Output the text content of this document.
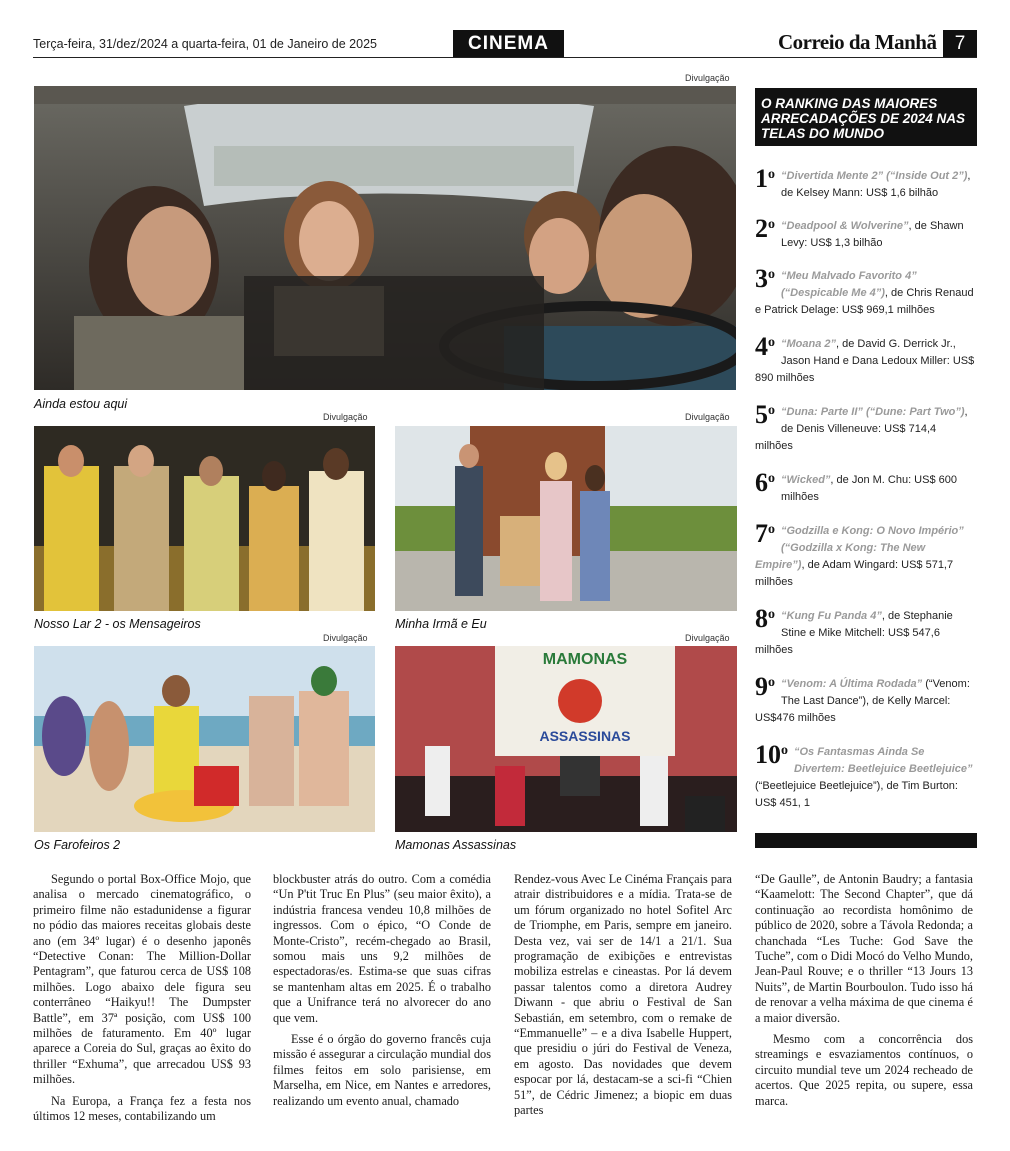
Terça-feira, 31/dez/2024 a quarta-feira, 01 de Janeiro de 2025	CINEMA	Correio da Manhã 7
Divulgação
Ainda estou aqui
Divulgação
Nosso Lar 2 - os Mensageiros
Divulgação
Minha Irmã e Eu
Divulgação
Os Farofeiros 2
Divulgação
MAMONAS
ASSASSINAS
Mamonas Assassinas
O RANKING DAS MAIORES ARRECADAÇÕES DE 2024 NAS TELAS DO MUNDO
1$^o$ “Divertida Mente 2” (“Inside Out 2”), de Kelsey Mann: US$ 1,6 bilhão
2$^o$ “Deadpool & Wolverine”, de Shawn Levy: US$ 1,3 bilhão
3$^o$ “Meu Malvado Favorito 4” (“Despicable Me 4”), de Chris Renaud e Patrick Delage: US$ 969,1 milhões
4$^o$ “Moana 2”, de David G. Derrick Jr., Jason Hand e Dana Ledoux Miller: US$ 890 milhões
5$^o$ “Duna: Parte II” (“Dune: Part Two”), de Denis Villeneuve: US$ 714,4 milhões
6$^o$ “Wicked”, de Jon M. Chu: US$ 600 milhões
7$^o$ “Godzilla e Kong: O Novo Império” (“Godzilla x Kong: The New Empire”), de Adam Wingard: US$ 571,7 milhões
8$^o$ “Kung Fu Panda 4”, de Stephanie Stine e Mike Mitchell: US$ 547,6 milhões
9$^o$ “Venom: A Última Rodada” (“Venom: The Last Dance”), de Kelly Marcel: US$476 milhões
10$^o$ “Os Fantasmas Ainda Se Divertem: Beetlejuice Beetlejuice” (“Beetlejuice Beetlejuice”), de Tim Burton: US$ 451, 1

Segundo o portal Box-Office Mojo, que analisa o mercado cinematográfico, o primeiro filme não estadunidense a figurar no pódio das maiores receitas globais deste ano (em 34º lugar) é o desenho japonês “Detective Conan: The Million-Dollar Pentagram”, que faturou cerca de US$ 108 milhões. Logo abaixo dele figura seu conterrâneo “Haikyu!! The Dumpster Battle”, em 37ª posição, com US$ 100 milhões de faturamento. Em 40º lugar aparece a Coreia do Sul, graças ao êxito do thriller “Exhuma”, que arrecadou US$ 93 milhões.

Na Europa, a França fez a festa nos últimos 12 meses, contabilizando um

blockbuster atrás do outro. Com a comédia “Un P'tit Truc En Plus” (seu maior êxito), a indústria francesa vendeu 10,8 milhões de ingressos. Com o épico, “O Conde de Monte-Cristo”, recém-chegado ao Brasil, somou mais uns 9,2 milhões de espectadoras/es. Estima-se que suas cifras se mantenham altas em 2025. É o trabalho que a Unifrance terá no alvorecer do ano que vem.

Esse é o órgão do governo francês cuja missão é assegurar a circulação mundial dos filmes feitos em solo parisiense, em Marselha, em Nice, em Nantes e arredores, realizando um evento anual, chamado

Rendez-vous Avec Le Cinéma Français para atrair distribuidores e a mídia. Trata-se de um fórum organizado no hotel Sofitel Arc de Triomphe, em Paris, sempre em janeiro. Desta vez, vai ser de 14/1 a 21/1. Sua programação de exibições e entrevistas mobiliza estrelas e cineastas. Por lá devem passar talentos como a diretora Audrey Diwann - que abriu o Festival de San Sebastián, em setembro, com o remake de “Emmanuelle” – e a diva Isabelle Huppert, que presidiu o júri do Festival de Veneza, em agosto. Das novidades que devem espocar por lá, destacam-se a sci-fi “Chien 51”, de Cédric Jimenez; a biopic em duas partes

“De Gaulle”, de Antonin Baudry; a fantasia “Kaamelott: The Second Chapter”, que dá continuação ao recordista homônimo de público de 2020, sobre a Távola Redonda; a chanchada “Les Tuche: God Save the Tuche”, com o Didi Mocó do Velho Mundo, Jean-Paul Rouve; e o thriller “13 Jours 13 Nuits”, de Martin Bourboulon. Tudo isso há de renovar a velha máxima de que cinema é a maior diversão.

Mesmo com a concorrência dos streamings e esvaziamentos contínuos, o circuito mundial teve um 2024 recheado de acertos. Que 2025 repita, ou supere, essa marca.
